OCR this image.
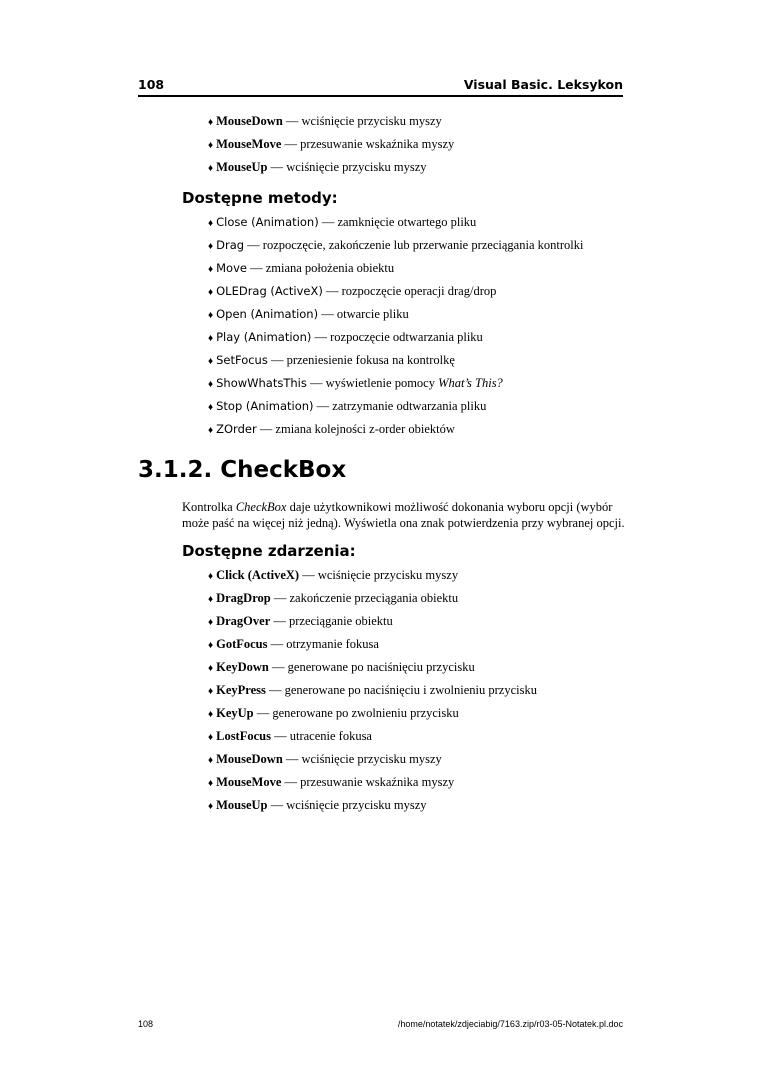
108	Visual Basic. Leksykon
♦ MouseDown — wciśnięcie przycisku myszy
♦ MouseMove — przesuwanie wskaźnika myszy
♦ MouseUp — wciśnięcie przycisku myszy
Dostępne metody:
♦ Close (Animation) — zamknięcie otwartego pliku
♦ Drag — rozpoczęcie, zakończenie lub przerwanie przeciągania kontrolki
♦ Move — zmiana położenia obiektu
♦ OLEDrag (ActiveX) — rozpoczęcie operacji drag/drop
♦ Open (Animation) — otwarcie pliku
♦ Play (Animation) — rozpoczęcie odtwarzania pliku
♦ SetFocus — przeniesienie fokusa na kontrolkę
♦ ShowWhatsThis — wyświetlenie pomocy What’s This?
♦ Stop (Animation) — zatrzymanie odtwarzania pliku
♦ ZOrder — zmiana kolejności z-order obiektów
3.1.2. CheckBox
Kontrolka CheckBox daje użytkownikowi możliwość dokonania wyboru opcji (wybór
może paść na więcej niż jedną). Wyświetla ona znak potwierdzenia przy wybranej opcji.
Dostępne zdarzenia:
♦ Click (ActiveX) — wciśnięcie przycisku myszy
♦ DragDrop — zakończenie przeciągania obiektu
♦ DragOver — przeciąganie obiektu
♦ GotFocus — otrzymanie fokusa
♦ KeyDown — generowane po naciśnięciu przycisku
♦ KeyPress — generowane po naciśnięciu i zwolnieniu przycisku
♦ KeyUp — generowane po zwolnieniu przycisku
♦ LostFocus — utracenie fokusa
♦ MouseDown — wciśnięcie przycisku myszy
♦ MouseMove — przesuwanie wskaźnika myszy
♦ MouseUp — wciśnięcie przycisku myszy
108	/home/notatek/zdjeciabig/7163.zip/r03-05-Notatek.pl.doc
